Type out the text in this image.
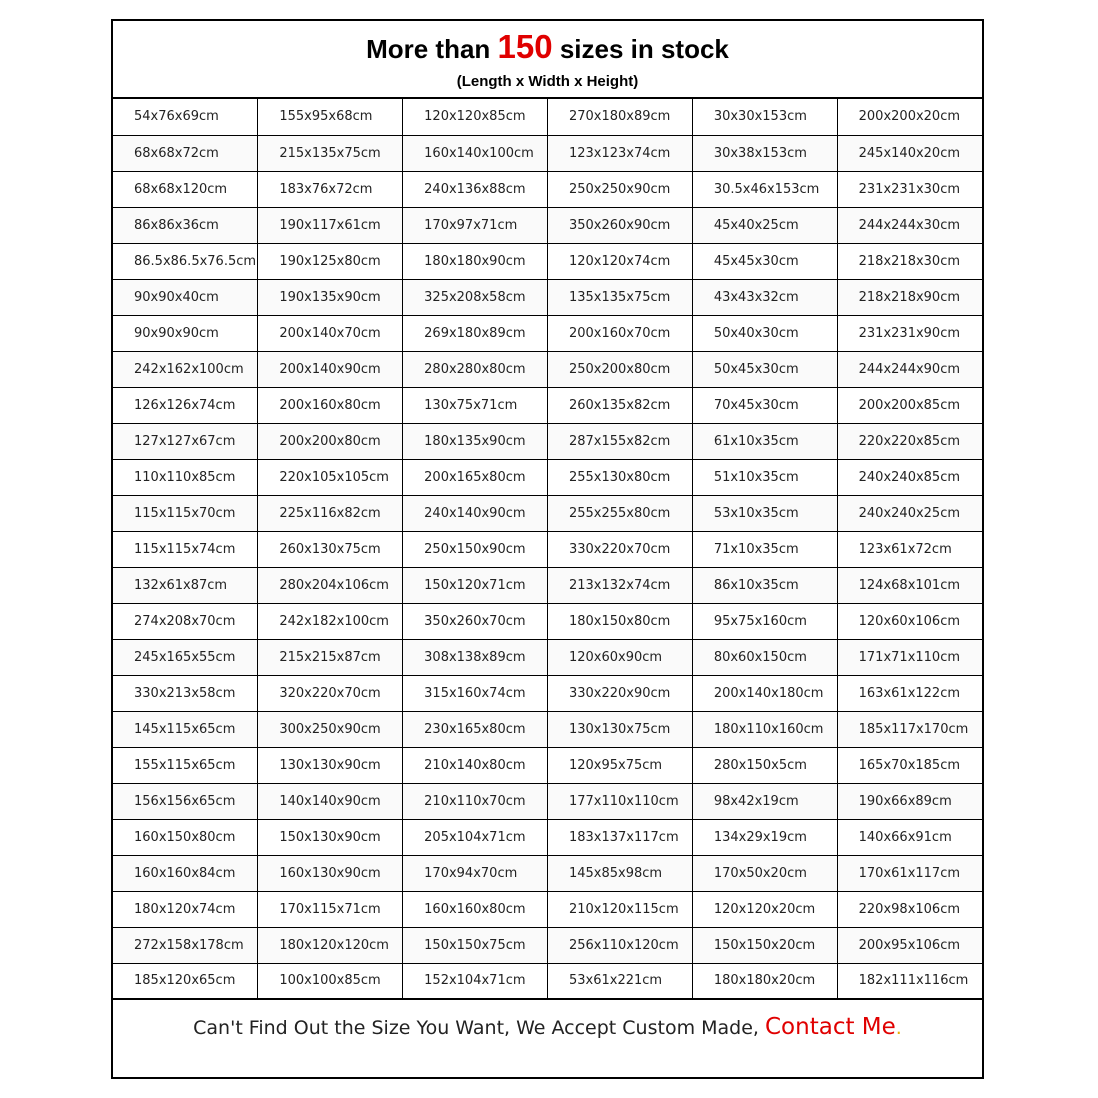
More than 150 sizes in stock
(Length x Width x Height)
54x76x69cm	155x95x68cm	120x120x85cm	270x180x89cm	30x30x153cm	200x200x20cm
68x68x72cm	215x135x75cm	160x140x100cm	123x123x74cm	30x38x153cm	245x140x20cm
68x68x120cm	183x76x72cm	240x136x88cm	250x250x90cm	30.5x46x153cm	231x231x30cm
86x86x36cm	190x117x61cm	170x97x71cm	350x260x90cm	45x40x25cm	244x244x30cm
86.5x86.5x76.5cm	190x125x80cm	180x180x90cm	120x120x74cm	45x45x30cm	218x218x30cm
90x90x40cm	190x135x90cm	325x208x58cm	135x135x75cm	43x43x32cm	218x218x90cm
90x90x90cm	200x140x70cm	269x180x89cm	200x160x70cm	50x40x30cm	231x231x90cm
242x162x100cm	200x140x90cm	280x280x80cm	250x200x80cm	50x45x30cm	244x244x90cm
126x126x74cm	200x160x80cm	130x75x71cm	260x135x82cm	70x45x30cm	200x200x85cm
127x127x67cm	200x200x80cm	180x135x90cm	287x155x82cm	61x10x35cm	220x220x85cm
110x110x85cm	220x105x105cm	200x165x80cm	255x130x80cm	51x10x35cm	240x240x85cm
115x115x70cm	225x116x82cm	240x140x90cm	255x255x80cm	53x10x35cm	240x240x25cm
115x115x74cm	260x130x75cm	250x150x90cm	330x220x70cm	71x10x35cm	123x61x72cm
132x61x87cm	280x204x106cm	150x120x71cm	213x132x74cm	86x10x35cm	124x68x101cm
274x208x70cm	242x182x100cm	350x260x70cm	180x150x80cm	95x75x160cm	120x60x106cm
245x165x55cm	215x215x87cm	308x138x89cm	120x60x90cm	80x60x150cm	171x71x110cm
330x213x58cm	320x220x70cm	315x160x74cm	330x220x90cm	200x140x180cm	163x61x122cm
145x115x65cm	300x250x90cm	230x165x80cm	130x130x75cm	180x110x160cm	185x117x170cm
155x115x65cm	130x130x90cm	210x140x80cm	120x95x75cm	280x150x5cm	165x70x185cm
156x156x65cm	140x140x90cm	210x110x70cm	177x110x110cm	98x42x19cm	190x66x89cm
160x150x80cm	150x130x90cm	205x104x71cm	183x137x117cm	134x29x19cm	140x66x91cm
160x160x84cm	160x130x90cm	170x94x70cm	145x85x98cm	170x50x20cm	170x61x117cm
180x120x74cm	170x115x71cm	160x160x80cm	210x120x115cm	120x120x20cm	220x98x106cm
272x158x178cm	180x120x120cm	150x150x75cm	256x110x120cm	150x150x20cm	200x95x106cm
185x120x65cm	100x100x85cm	152x104x71cm	53x61x221cm	180x180x20cm	182x111x116cm
Can't Find Out the Size You Want, We Accept Custom Made, Contact Me.
